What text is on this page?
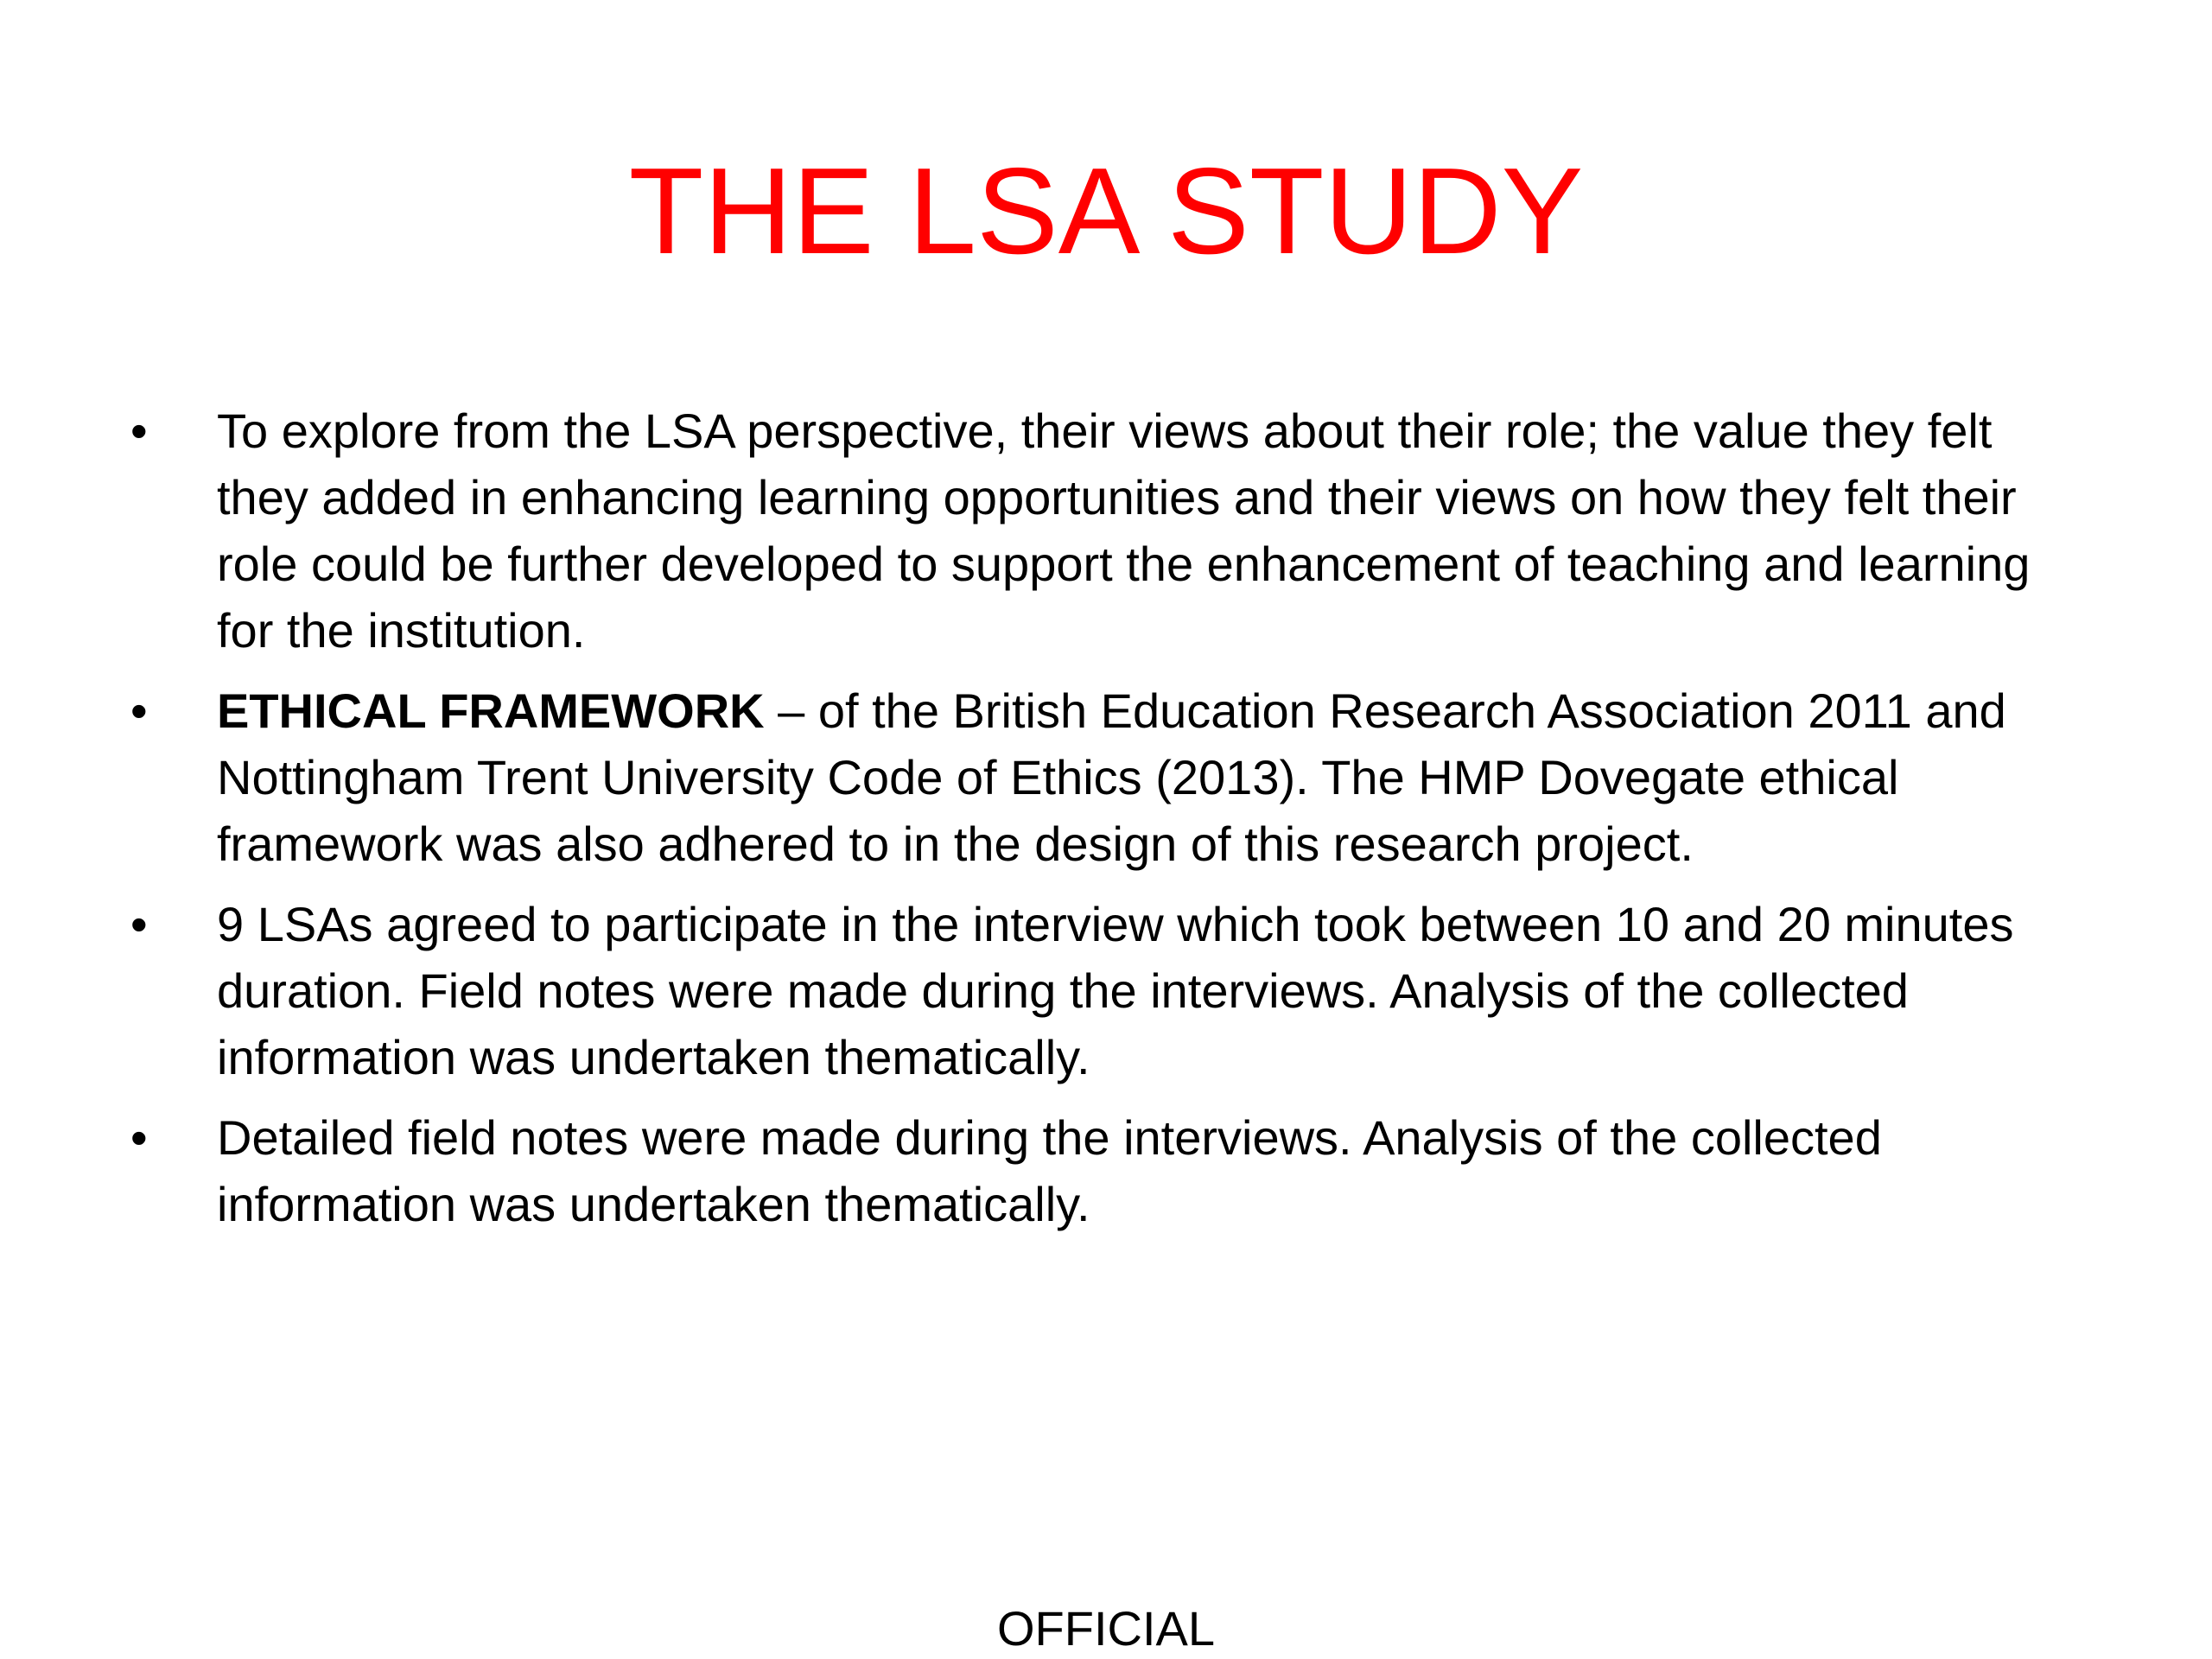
THE LSA STUDY
•	To explore from the LSA perspective, their views about their role; the value they felt they added in enhancing learning opportunities and their views on how they felt their role could be further developed to support the enhancement of teaching and learning for the institution.
•	ETHICAL FRAMEWORK – of the British Education Research Association 2011 and Nottingham Trent University Code of Ethics (2013). The HMP Dovegate ethical framework was also adhered to in the design of this research project.
•	9 LSAs agreed to participate in the interview which took between 10 and 20 minutes duration. Field notes were made during the interviews. Analysis of the collected information was undertaken thematically.
•	Detailed field notes were made during the interviews. Analysis of the collected information was undertaken thematically.
OFFICIAL
